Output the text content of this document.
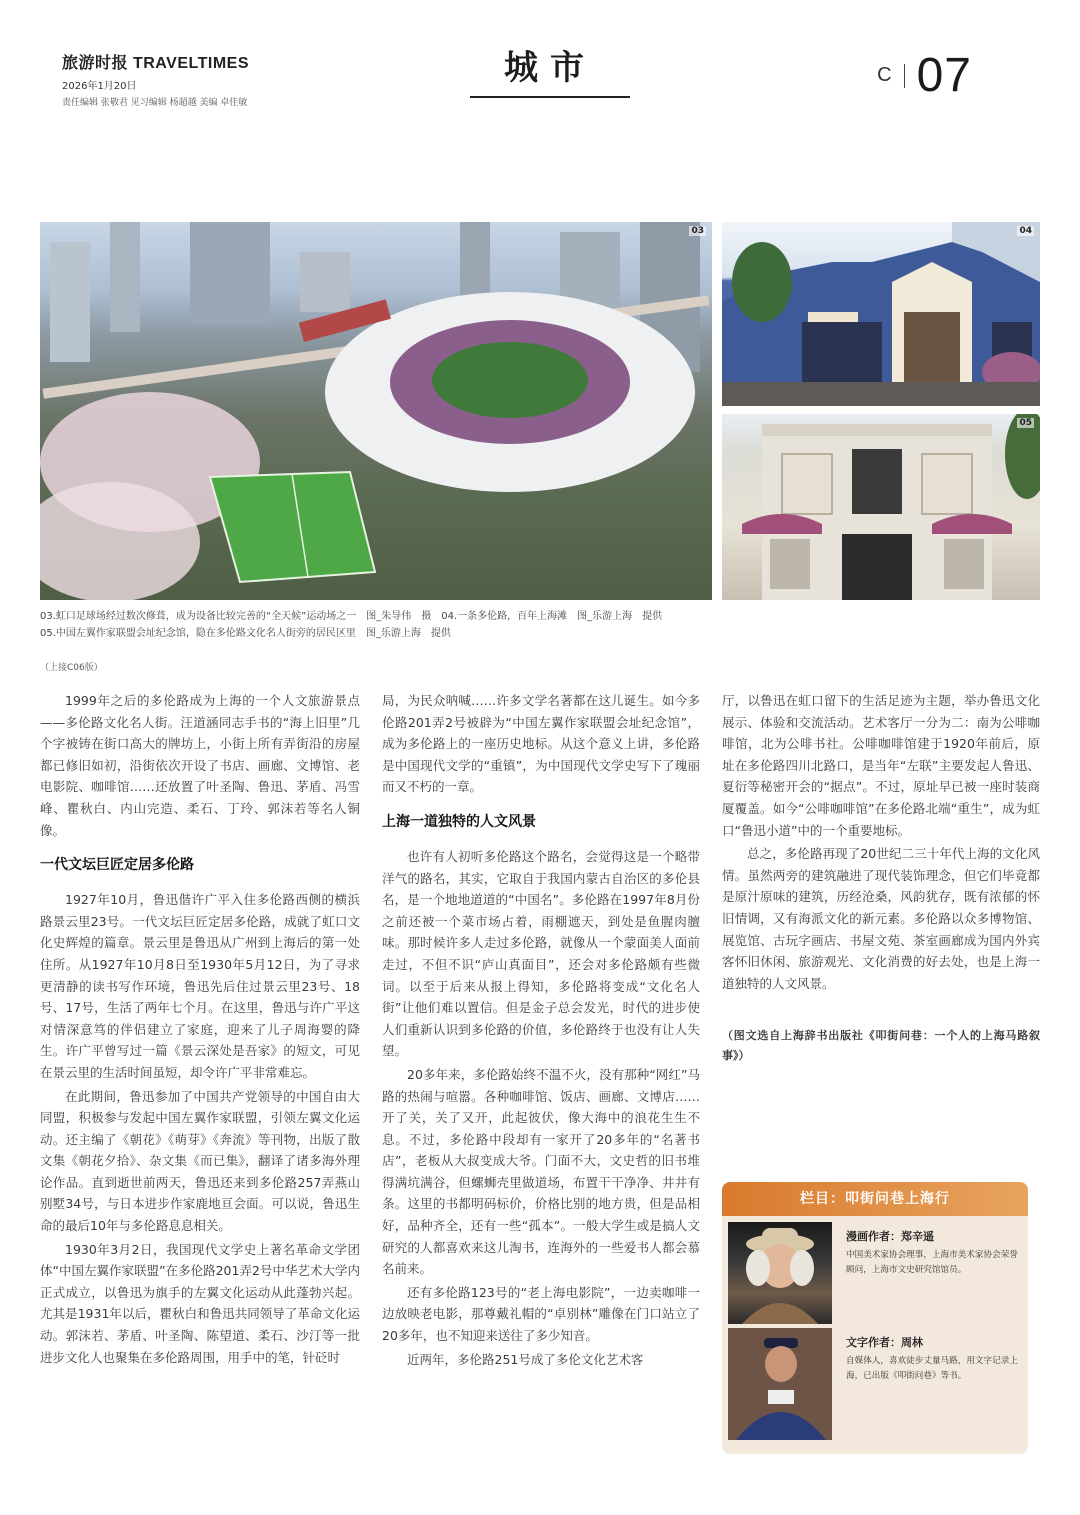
旅游时报 TRAVELTIMES
2026年1月20日
责任编辑 张敬君 见习编辑 杨超越 美编 卓佳敏
城市	C 07
03	04
05
03.虹口足球场经过数次修葺，成为设备比较完善的“全天候”运动场之一　图_朱导伟　摄　04.一条多伦路，百年上海滩　图_乐游上海　提供
05.中国左翼作家联盟会址纪念馆，隐在多伦路文化名人街旁的居民区里　图_乐游上海　提供
（上接C06版）

1999年之后的多伦路成为上海的一个人文旅游景点——多伦路文化名人街。汪道涵同志手书的“海上旧里”几个字被铸在街口高大的牌坊上，小街上所有弄街沿的房屋都已修旧如初，沿街依次开设了书店、画廊、文博馆、老电影院、咖啡馆……还放置了叶圣陶、鲁迅、茅盾、冯雪峰、瞿秋白、内山完造、柔石、丁玲、郭沫若等名人铜像。

一代文坛巨匠定居多伦路

1927年10月，鲁迅偕许广平入住多伦路西侧的横浜路景云里23号。一代文坛巨匠定居多伦路，成就了虹口文化史辉煌的篇章。景云里是鲁迅从广州到上海后的第一处住所。从1927年10月8日至1930年5月12日，为了寻求更清静的读书写作环境，鲁迅先后住过景云里23号、18号、17号，生活了两年七个月。在这里，鲁迅与许广平这对情深意笃的伴侣建立了家庭，迎来了儿子周海婴的降生。许广平曾写过一篇《景云深处是吾家》的短文，可见在景云里的生活时间虽短，却令许广平非常难忘。

在此期间，鲁迅参加了中国共产党领导的中国自由大同盟，积极参与发起中国左翼作家联盟，引领左翼文化运动。还主编了《朝花》《萌芽》《奔流》等刊物，出版了散文集《朝花夕拾》、杂文集《而已集》，翻译了诸多海外理论作品。直到逝世前两天，鲁迅还来到多伦路257弄燕山别墅34号，与日本进步作家鹿地亘会面。可以说，鲁迅生命的最后10年与多伦路息息相关。

1930年3月2日，我国现代文学史上著名革命文学团体“中国左翼作家联盟”在多伦路201弄2号中华艺术大学内正式成立，以鲁迅为旗手的左翼文化运动从此蓬勃兴起。尤其是1931年以后，瞿秋白和鲁迅共同领导了革命文化运动。郭沫若、茅盾、叶圣陶、陈望道、柔石、沙汀等一批进步文化人也聚集在多伦路周围，用手中的笔，针砭时

局，为民众呐喊……许多文学名著都在这儿诞生。如今多伦路201弄2号被辟为“中国左翼作家联盟会址纪念馆”，成为多伦路上的一座历史地标。从这个意义上讲，多伦路是中国现代文学的“重镇”，为中国现代文学史写下了瑰丽而又不朽的一章。

上海一道独特的人文风景

也许有人初听多伦路这个路名，会觉得这是一个略带洋气的路名，其实，它取自于我国内蒙古自治区的多伦县名，是一个地地道道的“中国名”。多伦路在1997年8月份之前还被一个菜市场占着，雨棚遮天，到处是鱼腥肉膻味。那时候许多人走过多伦路，就像从一个蒙面美人面前走过，不但不识“庐山真面目”，还会对多伦路颇有些微词。以至于后来从报上得知，多伦路将变成“文化名人街”让他们难以置信。但是金子总会发光，时代的进步使人们重新认识到多伦路的价值，多伦路终于也没有让人失望。

20多年来，多伦路始终不温不火，没有那种“网红”马路的热闹与喧嚣。各种咖啡馆、饭店、画廊、文博店……开了关，关了又开，此起彼伏，像大海中的浪花生生不息。不过，多伦路中段却有一家开了20多年的“名著书店”，老板从大叔变成大爷。门面不大，文史哲的旧书堆得满坑满谷，但螺蛳壳里做道场，布置干干净净、井井有条。这里的书都明码标价，价格比别的地方贵，但是品相好，品种齐全，还有一些“孤本”。一般大学生或是搞人文研究的人都喜欢来这儿淘书，连海外的一些爱书人都会慕名前来。

还有多伦路123号的“老上海电影院”，一边卖咖啡一边放映老电影，那尊戴礼帽的“卓别林”雕像在门口站立了20多年，也不知迎来送往了多少知音。

近两年，多伦路251号成了多伦文化艺术客

厅，以鲁迅在虹口留下的生活足迹为主题，举办鲁迅文化展示、体验和交流活动。艺术客厅一分为二：南为公啡咖啡馆，北为公啡书社。公啡咖啡馆建于1920年前后，原址在多伦路四川北路口，是当年“左联”主要发起人鲁迅、夏衍等秘密开会的“据点”。不过，原址早已被一座时装商厦覆盖。如今“公啡咖啡馆”在多伦路北端“重生”，成为虹口“鲁迅小道”中的一个重要地标。

总之，多伦路再现了20世纪二三十年代上海的文化风情。虽然两旁的建筑融进了现代装饰理念，但它们毕竟都是原汁原味的建筑，历经沧桑，风韵犹存，既有浓郁的怀旧情调，又有海派文化的新元素。多伦路以众多博物馆、展览馆、古玩字画店、书屋文苑、茶室画廊成为国内外宾客怀旧休闲、旅游观光、文化消费的好去处，也是上海一道独特的人文风景。

（图文选自上海辞书出版社《叩街问巷：一个人的上海马路叙事》）

栏目：叩街问巷上海行
漫画作者：郑辛遥
中国美术家协会理事，上海市美术家协会荣誉顾问，上海市文史研究馆馆员。
文字作者：周林
自媒体人，喜欢徒步丈量马路，用文字记录上海，已出版《叩街问巷》等书。
